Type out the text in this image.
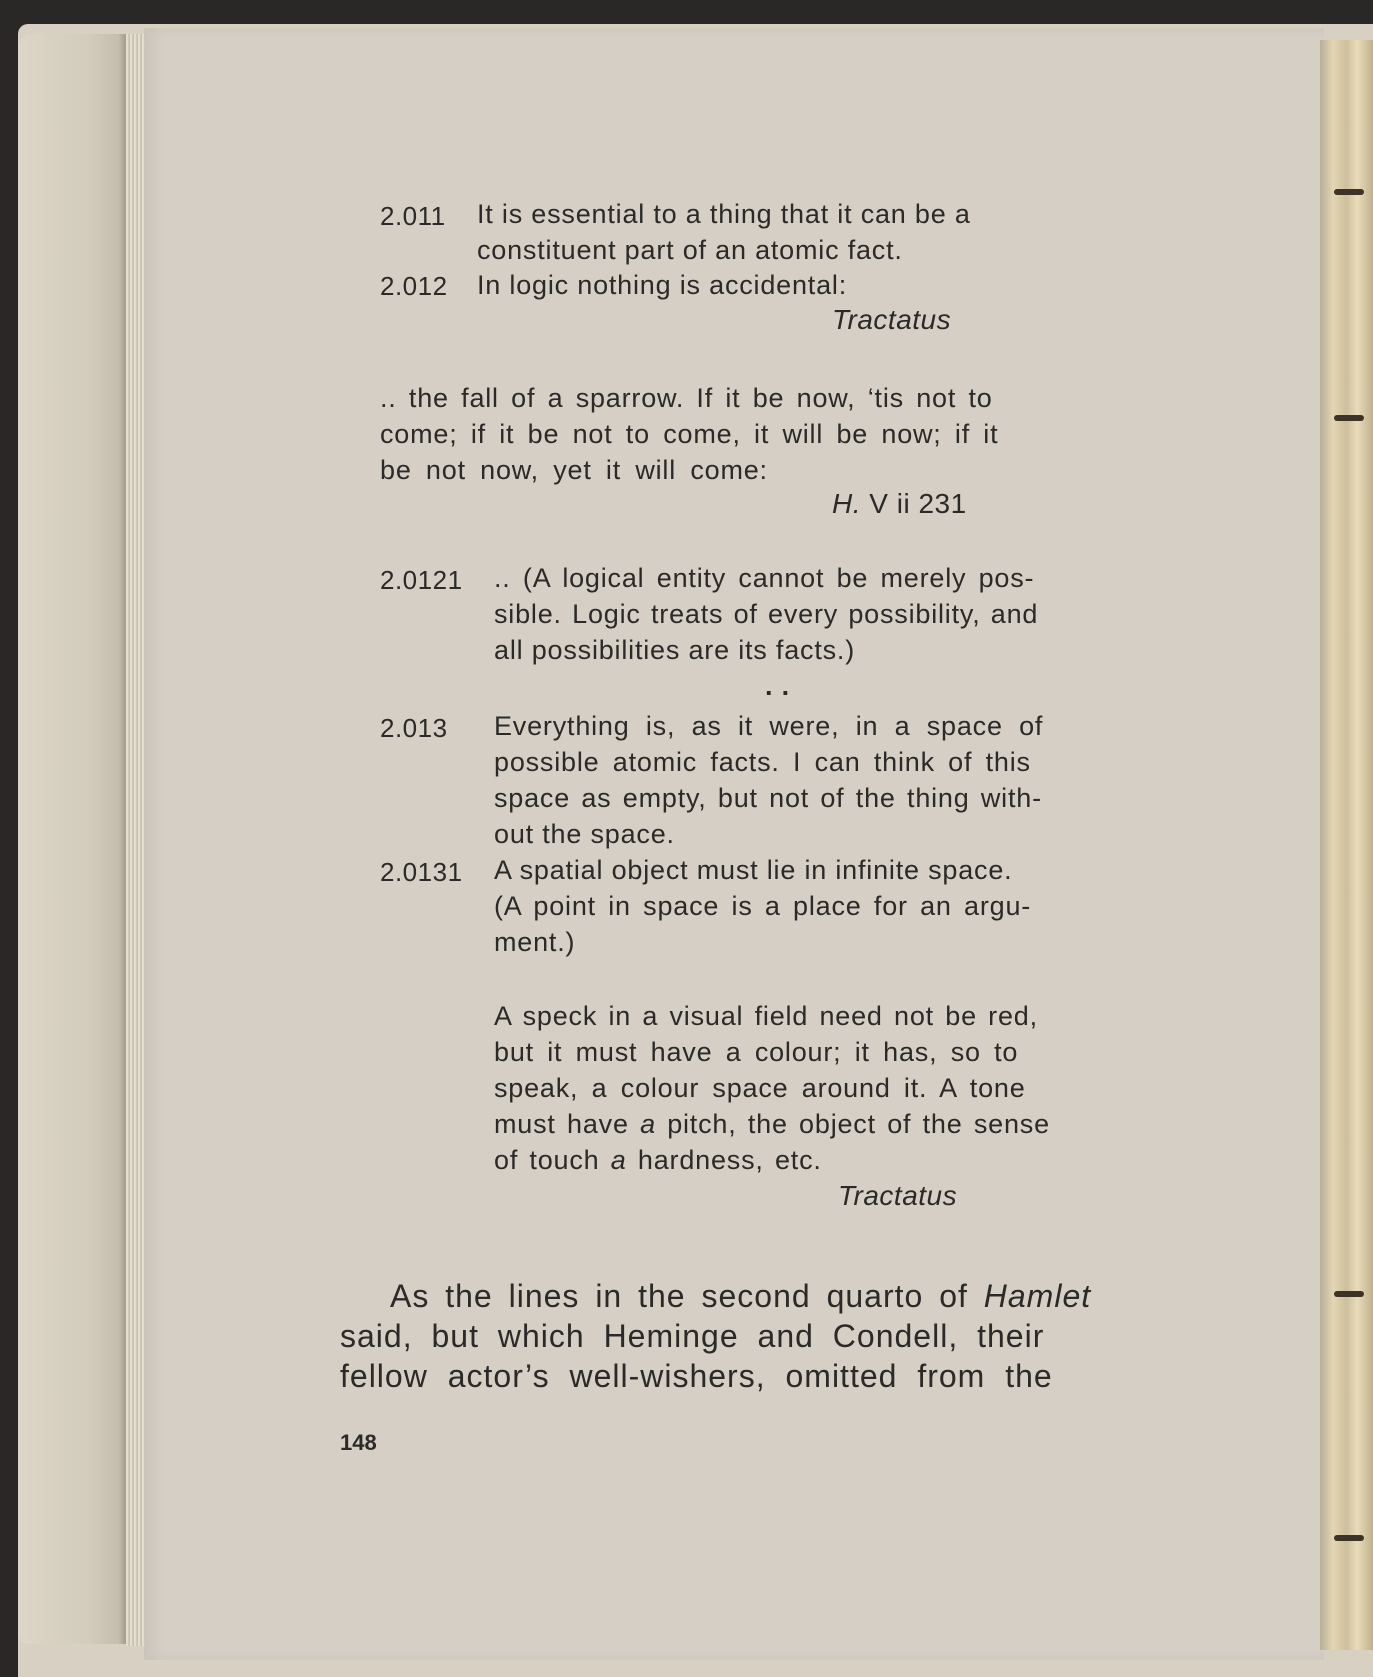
2.011 It is essential to a thing that it can be a
constituent part of an atomic fact.
2.012 In logic nothing is accidental:
Tractatus
.. the fall of a sparrow. If it be now, ‘tis not to
come; if it be not to come, it will be now; if it
be not now, yet it will come:
H. V ii 231
2.0121 .. (A logical entity cannot be merely pos-
sible. Logic treats of every possibility, and
all possibilities are its facts.)
. .
2.013 Everything is, as it were, in a space of
possible atomic facts. I can think of this
space as empty, but not of the thing with-
out the space.
2.0131 A spatial object must lie in infinite space.
(A point in space is a place for an argu-
ment.)
A speck in a visual field need not be red,
but it must have a colour; it has, so to
speak, a colour space around it. A tone
must have a pitch, the object of the sense
of touch a hardness, etc.
Tractatus
As the lines in the second quarto of Hamlet
said, but which Heminge and Condell, their
fellow actor’s well-wishers, omitted from the
148
